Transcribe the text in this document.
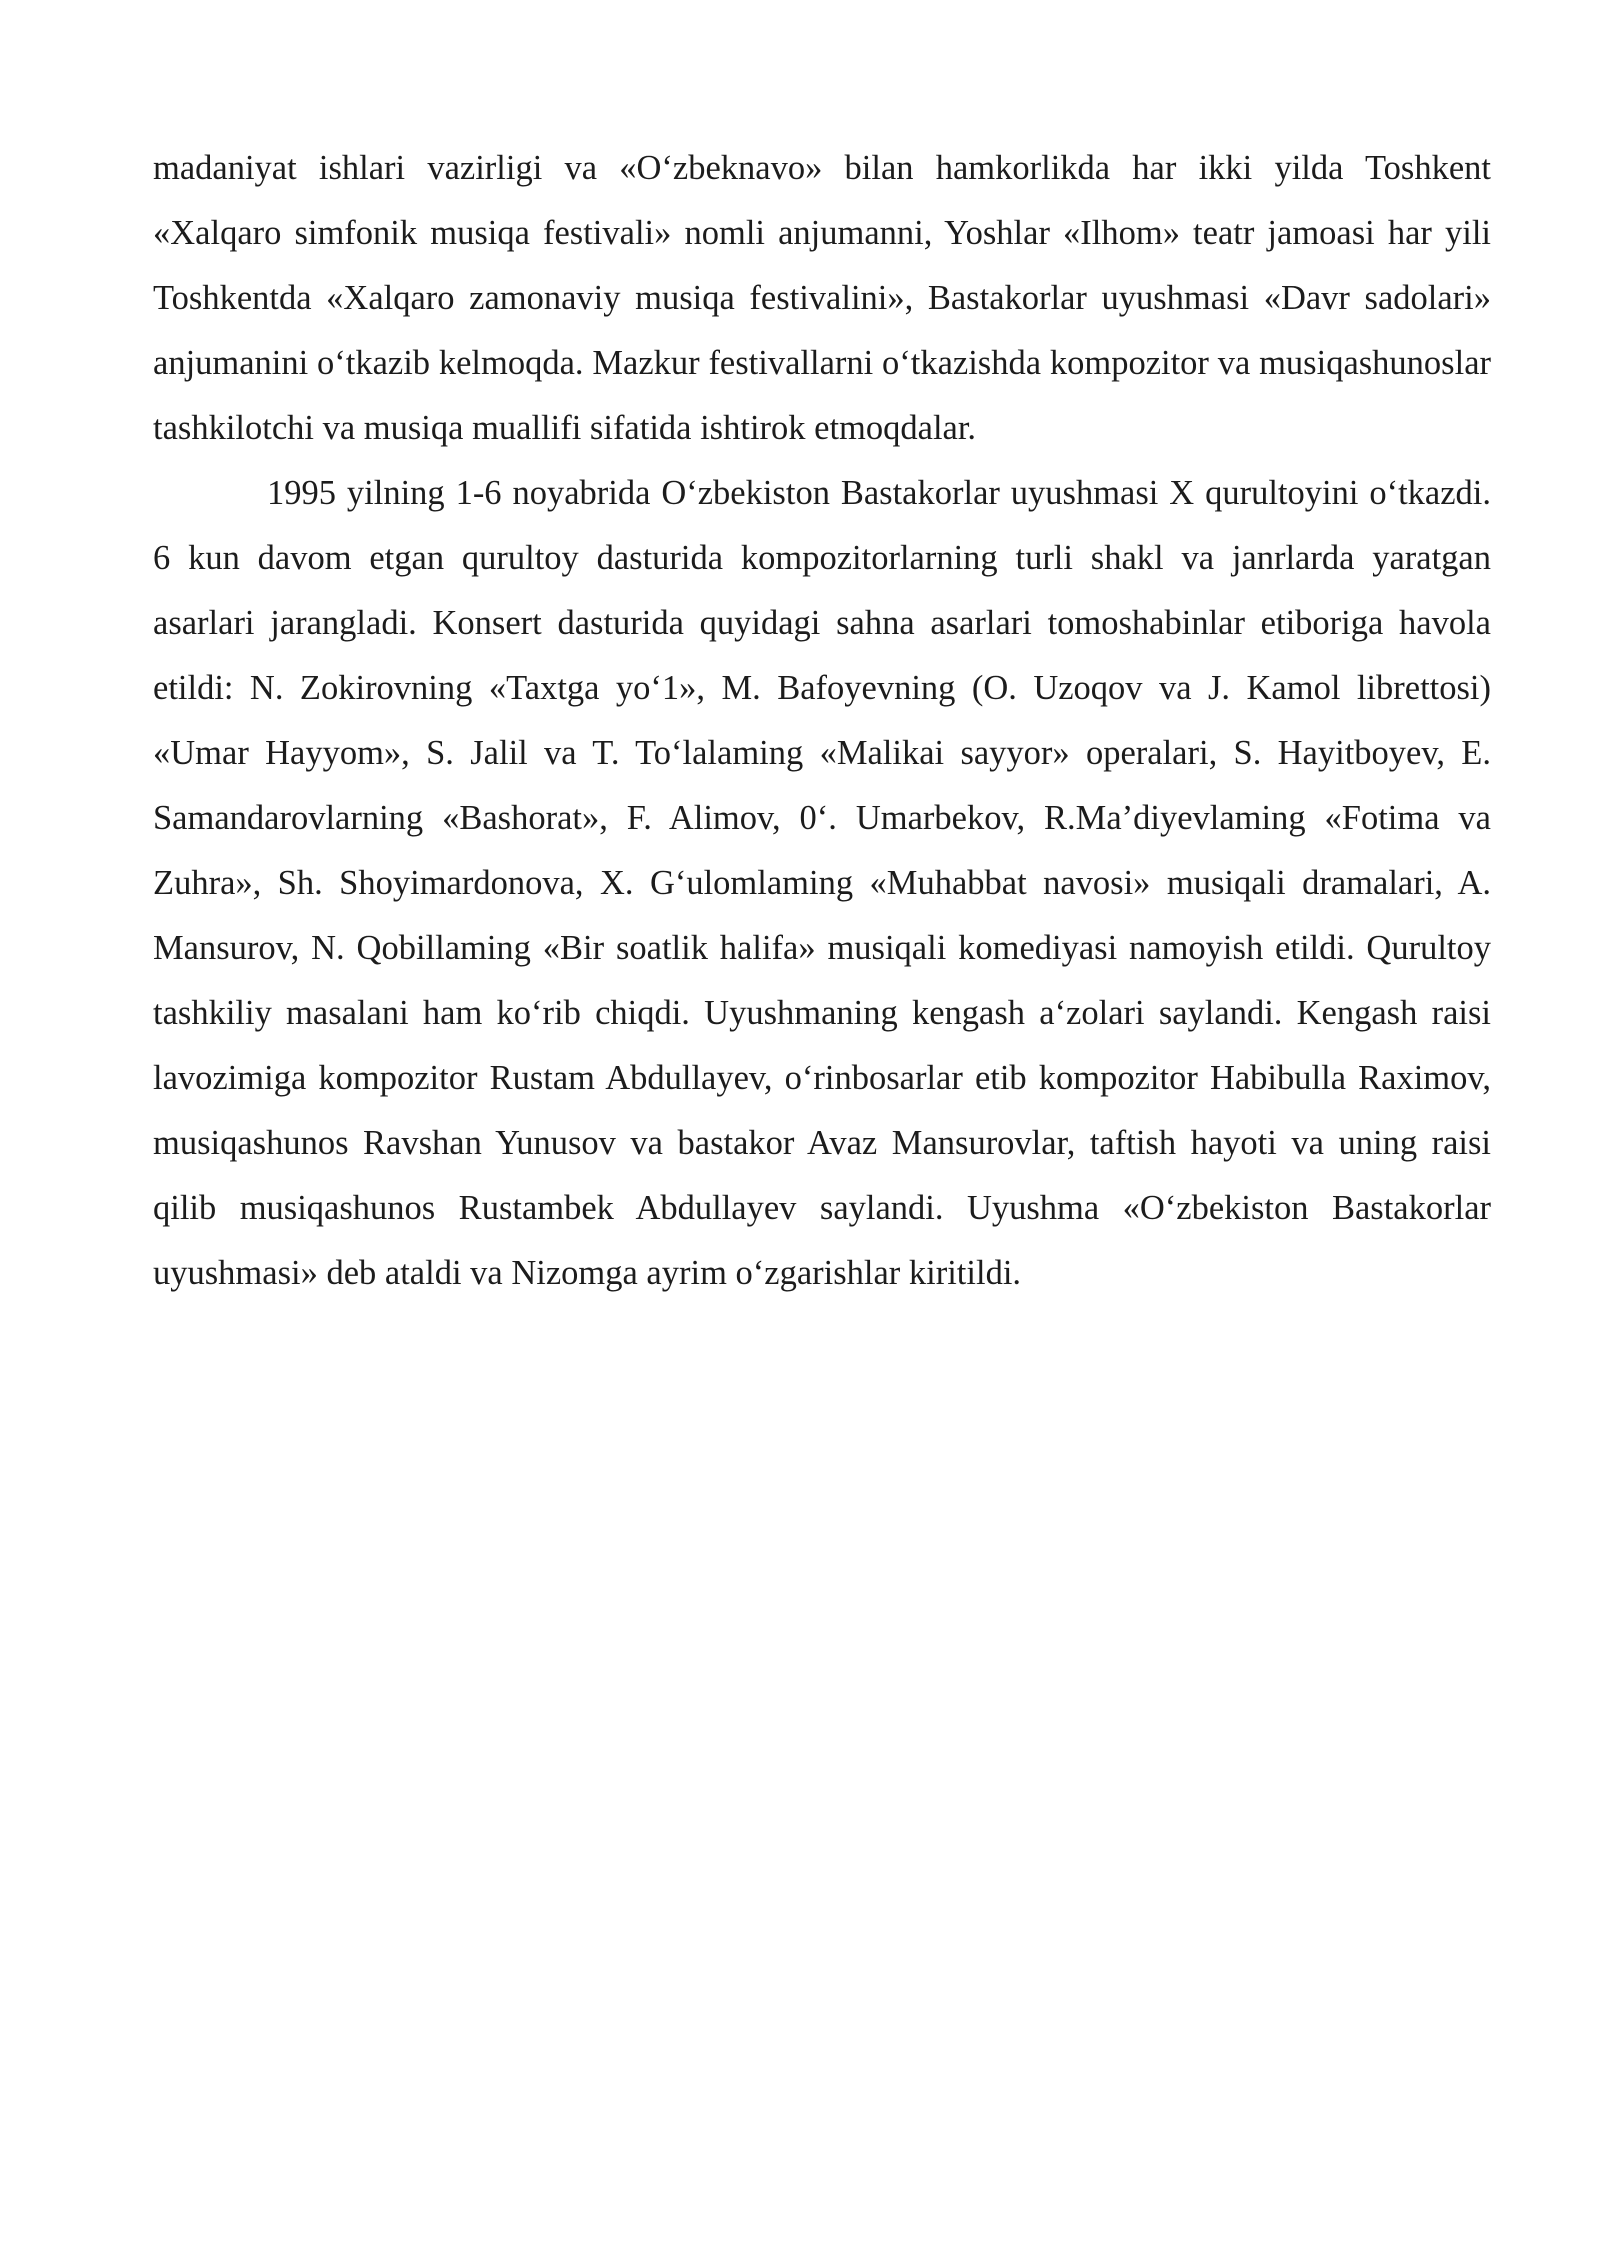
madaniyat ishlari vazirligi va «O‘zbeknavo» bilan hamkorlikda har ikki yilda Toshkent «Xalqaro simfonik musiqa festivali» nomli anjumanni, Yoshlar «Ilhom» teatr jamoasi har yili Toshkentda «Xalqaro zamonaviy musiqa festivalini», Bastakorlar uyushmasi «Davr sadolari» anjumanini o‘tkazib kelmoqda. Mazkur festivallarni o‘tkazishda kompozitor va musiqashunoslar tashkilotchi va musiqa muallifi sifatida ishtirok etmoqdalar.

1995 yilning 1-6 noyabrida O‘zbekiston Bastakorlar uyushmasi X qurultoyini o‘tkazdi. 6 kun davom etgan qurultoy dasturida kompozitorlarning turli shakl va janrlarda yaratgan asarlari jarangladi. Konsert dasturida quyidagi sahna asarlari tomoshabinlar etiboriga havola etildi: N. Zokirovning «Taxtga yo‘1», M. Bafoyevning (O. Uzoqov va J. Kamol librettosi) «Umar Hayyom», S. Jalil va T. To‘lalaming «Malikai sayyor» operalari, S. Hayitboyev, E. Samandarovlarning «Bashorat», F. Alimov, 0‘. Umarbekov, R.Ma’diyevlaming «Fotima va Zuhra», Sh. Shoyimardonova, X. G‘ulomlaming «Muhabbat navosi» musiqali dramalari, A. Mansurov, N. Qobillaming «Bir soatlik halifa» musiqali komediyasi namoyish etildi. Qurultoy tashkiliy masalani ham ko‘rib chiqdi. Uyushmaning kengash a‘zolari saylandi. Kengash raisi lavozimiga kompozitor Rustam Abdullayev, o‘rinbosarlar etib kompozitor Habibulla Raximov, musiqashunos Ravshan Yunusov va bastakor Avaz Mansurovlar, taftish hayoti va uning raisi qilib musiqashunos Rustambek Abdullayev saylandi. Uyushma «O‘zbekiston Bastakorlar uyushmasi» deb ataldi va Nizomga ayrim o‘zgarishlar kiritildi.
